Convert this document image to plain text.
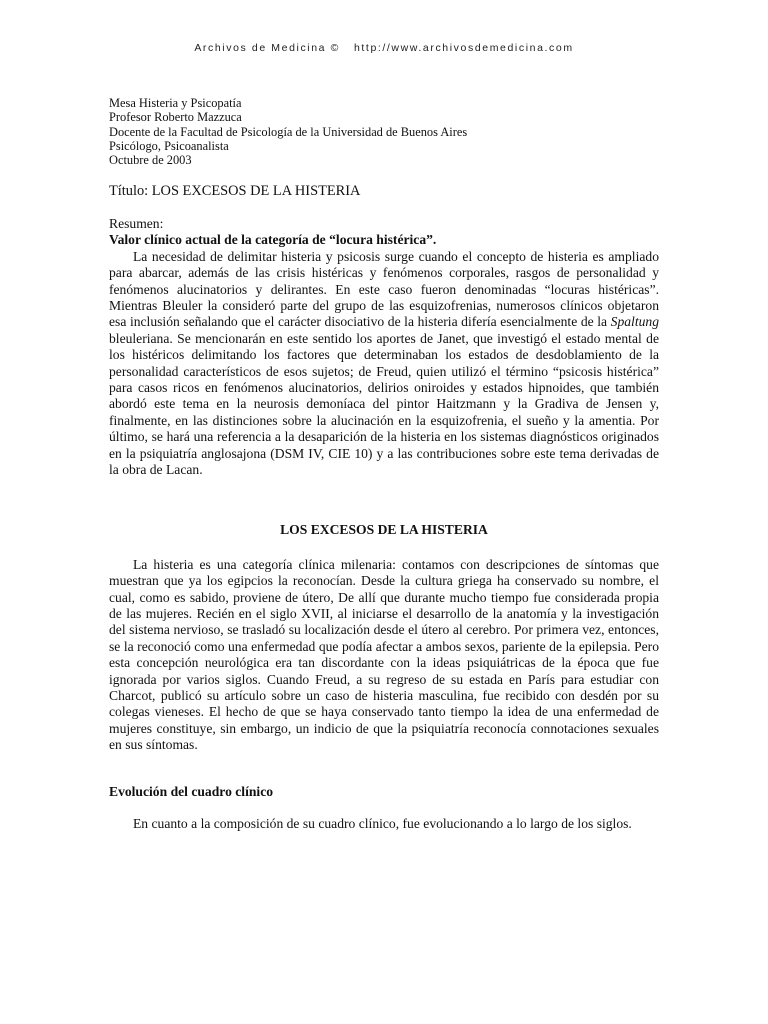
Archivos de Medicina © http://www.archivosdemedicina.com
Mesa Histeria y Psicopatía
Profesor Roberto Mazzuca
Docente de la Facultad de Psicología de la Universidad de Buenos Aires
Psicólogo, Psicoanalista
Octubre de 2003
Título: LOS EXCESOS DE LA HISTERIA
Resumen:
Valor clínico actual de la categoría de “locura histérica”.

La necesidad de delimitar histeria y psicosis surge cuando el concepto de histeria es ampliado para abarcar, además de las crisis histéricas y fenómenos corporales, rasgos de personalidad y fenómenos alucinatorios y delirantes. En este caso fueron denominadas “locuras histéricas”. Mientras Bleuler la consideró parte del grupo de las esquizofrenias, numerosos clínicos objetaron esa inclusión señalando que el carácter disociativo de la histeria difería esencialmente de la Spaltung bleuleriana. Se mencionarán en este sentido los aportes de Janet, que investigó el estado mental de los histéricos delimitando los factores que determinaban los estados de desdoblamiento de la personalidad característicos de esos sujetos; de Freud, quien utilizó el término “psicosis histérica” para casos ricos en fenómenos alucinatorios, delirios oniroides y estados hipnoides, que también abordó este tema en la neurosis demoníaca del pintor Haitzmann y la Gradiva de Jensen y, finalmente, en las distinciones sobre la alucinación en la esquizofrenia, el sueño y la amentia. Por último, se hará una referencia a la desaparición de la histeria en los sistemas diagnósticos originados en la psiquiatría anglosajona (DSM IV, CIE 10) y a las contribuciones sobre este tema derivadas de la obra de Lacan.

LOS EXCESOS DE LA HISTERIA

La histeria es una categoría clínica milenaria: contamos con descripciones de síntomas que muestran que ya los egipcios la reconocían. Desde la cultura griega ha conservado su nombre, el cual, como es sabido, proviene de útero, De allí que durante mucho tiempo fue considerada propia de las mujeres. Recién en el siglo XVII, al iniciarse el desarrollo de la anatomía y la investigación del sistema nervioso, se trasladó su localización desde el útero al cerebro. Por primera vez, entonces, se la reconoció como una enfermedad que podía afectar a ambos sexos, pariente de la epilepsia. Pero esta concepción neurológica era tan discordante con la ideas psiquiátricas de la época que fue ignorada por varios siglos. Cuando Freud, a su regreso de su estada en París para estudiar con Charcot, publicó su artículo sobre un caso de histeria masculina, fue recibido con desdén por su colegas vieneses. El hecho de que se haya conservado tanto tiempo la idea de una enfermedad de mujeres constituye, sin embargo, un indicio de que la psiquiatría reconocía connotaciones sexuales en sus síntomas.

Evolución del cuadro clínico

En cuanto a la composición de su cuadro clínico, fue evolucionando a lo largo de los siglos.
